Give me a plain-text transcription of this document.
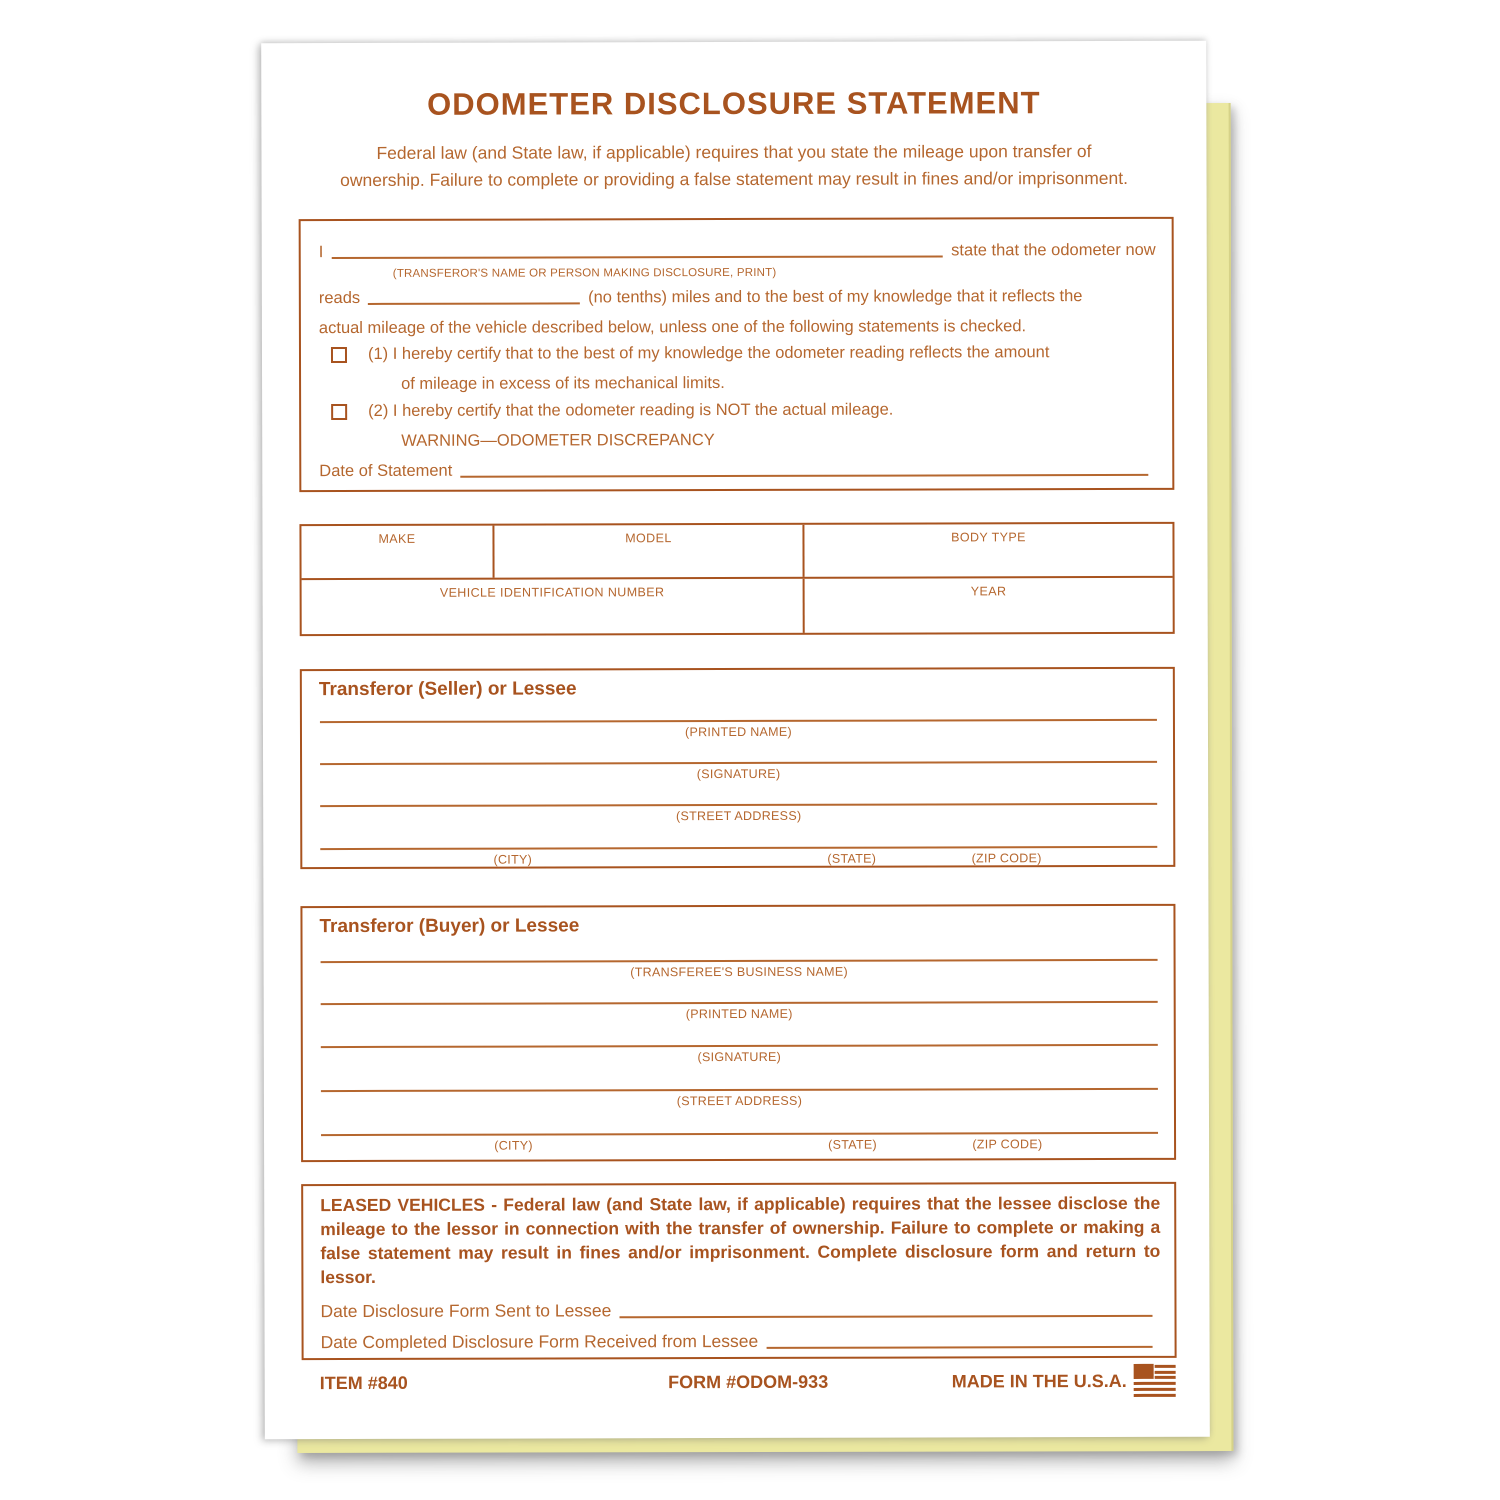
ODOMETER DISCLOSURE STATEMENT
Federal law (and State law, if applicable) requires that you state the mileage upon transfer of
ownership. Failure to complete or providing a false statement may result in fines and/or imprisonment.
I	state that the odometer now
(TRANSFEROR'S NAME OR PERSON MAKING DISCLOSURE, PRINT)
reads	(no tenths) miles and to the best of my knowledge that it reflects the
actual mileage of the vehicle described below, unless one of the following statements is checked.
(1) I hereby certify that to the best of my knowledge the odometer reading reflects the amount
of mileage in excess of its mechanical limits.
(2) I hereby certify that the odometer reading is NOT the actual mileage.
WARNING—ODOMETER DISCREPANCY
Date of Statement
MAKE	MODEL	BODY TYPE
VEHICLE IDENTIFICATION NUMBER	YEAR
Transferor (Seller) or Lessee
(PRINTED NAME)
(SIGNATURE)
(STREET ADDRESS)
(CITY)	(STATE)	(ZIP CODE)
Transferor (Buyer) or Lessee
(TRANSFEREE'S BUSINESS NAME)
(PRINTED NAME)
(SIGNATURE)
(STREET ADDRESS)
(CITY)	(STATE)	(ZIP CODE)
LEASED VEHICLES - Federal law (and State law, if applicable) requires that the lessee disclose the mileage to the lessor in connection with the transfer of ownership. Failure to complete or making a false statement may result in fines and/or imprisonment. Complete disclosure form and return to lessor.
Date Disclosure Form Sent to Lessee
Date Completed Disclosure Form Received from Lessee
ITEM #840	FORM #ODOM-933	MADE IN THE U.S.A.
